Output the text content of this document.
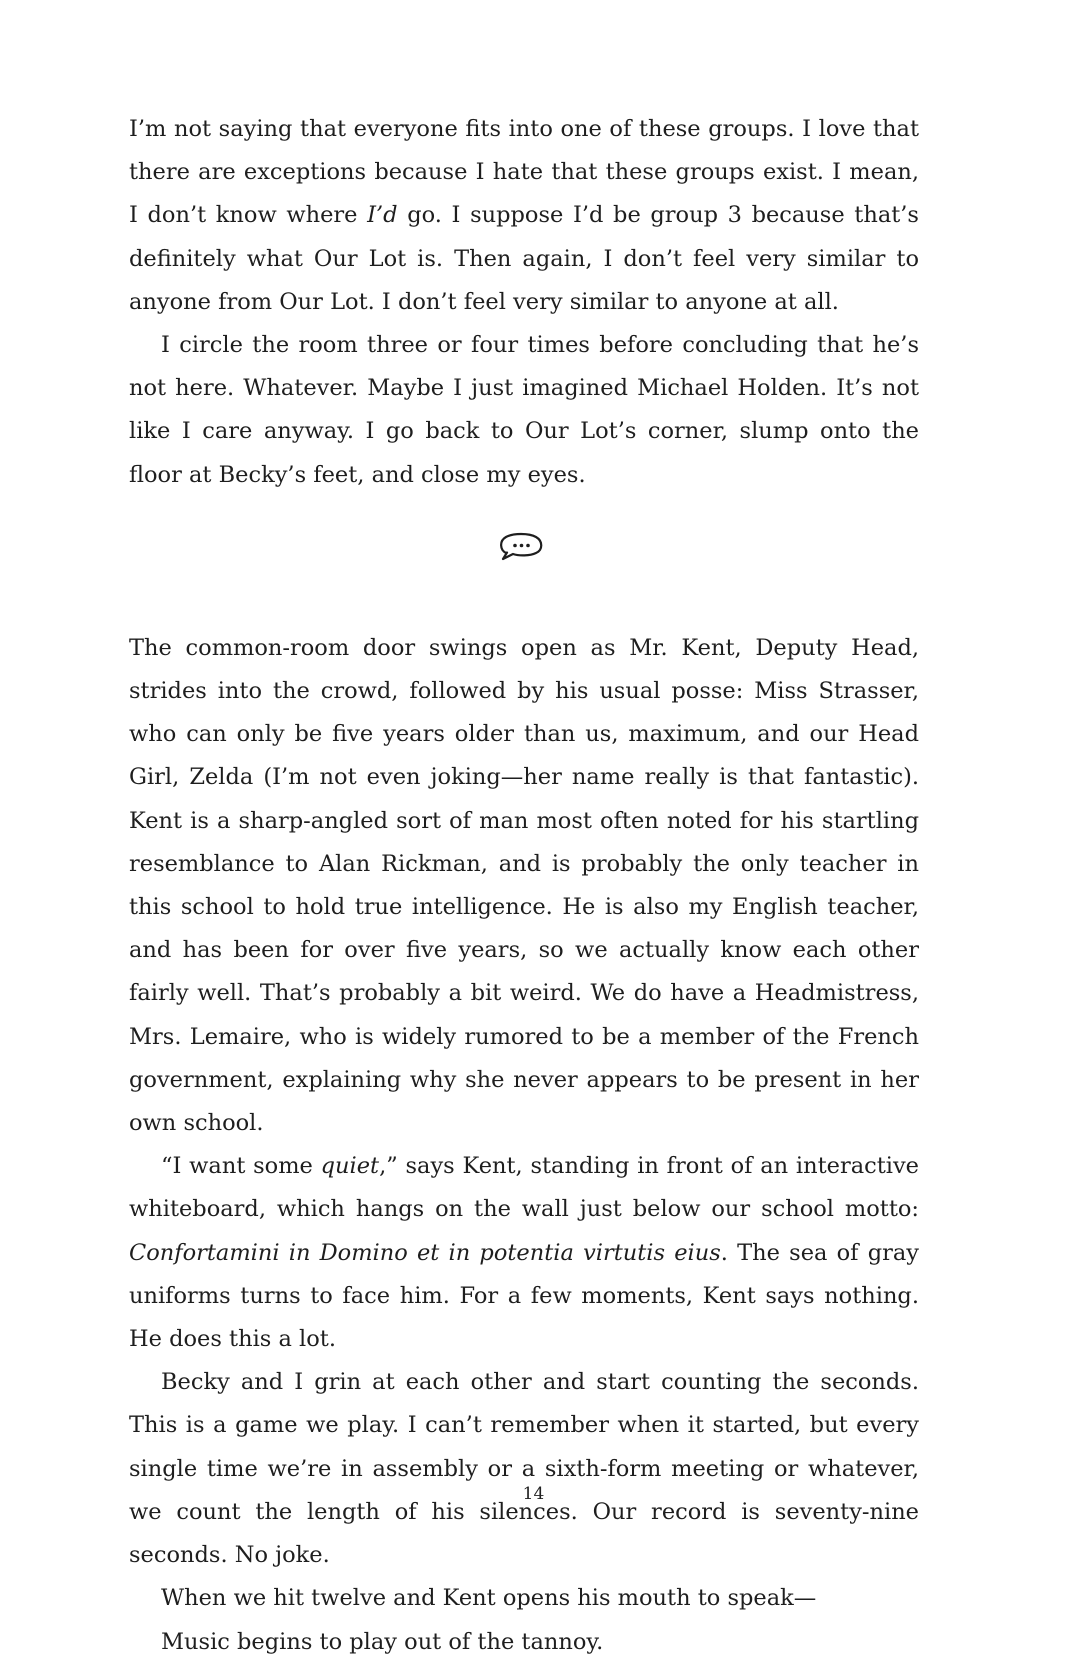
I’m not saying that everyone fits into one of these groups. I love that there are exceptions because I hate that these groups exist. I mean, I don’t know where I’d go. I suppose I’d be group 3 because that’s definitely what Our Lot is. Then again, I don’t feel very similar to anyone from Our Lot. I don’t feel very similar to anyone at all.

I circle the room three or four times before concluding that he’s not here. Whatever. Maybe I just imagined Michael Holden. It’s not like I care anyway. I go back to Our Lot’s corner, slump onto the floor at Becky’s feet, and close my eyes.

The common-room door swings open as Mr. Kent, Deputy Head, strides into the crowd, followed by his usual posse: Miss Strasser, who can only be five years older than us, maximum, and our Head Girl, Zelda (I’m not even joking—her name really is that fantastic). Kent is a sharp-angled sort of man most often noted for his startling resemblance to Alan Rickman, and is probably the only teacher in this school to hold true intelligence. He is also my English teacher, and has been for over five years, so we actually know each other fairly well. That’s probably a bit weird. We do have a Headmistress, Mrs. Lemaire, who is widely rumored to be a member of the French government, explaining why she never appears to be present in her own school.

“I want some quiet,” says Kent, standing in front of an interactive whiteboard, which hangs on the wall just below our school motto: Confortamini in Domino et in potentia virtutis eius. The sea of gray uniforms turns to face him. For a few moments, Kent says nothing. He does this a lot.

Becky and I grin at each other and start counting the seconds. This is a game we play. I can’t remember when it started, but every single time we’re in assembly or a sixth-form meeting or whatever, we count the length of his silences. Our record is seventy-nine seconds. No joke.

When we hit twelve and Kent opens his mouth to speak—

Music begins to play out of the tannoy.

14
